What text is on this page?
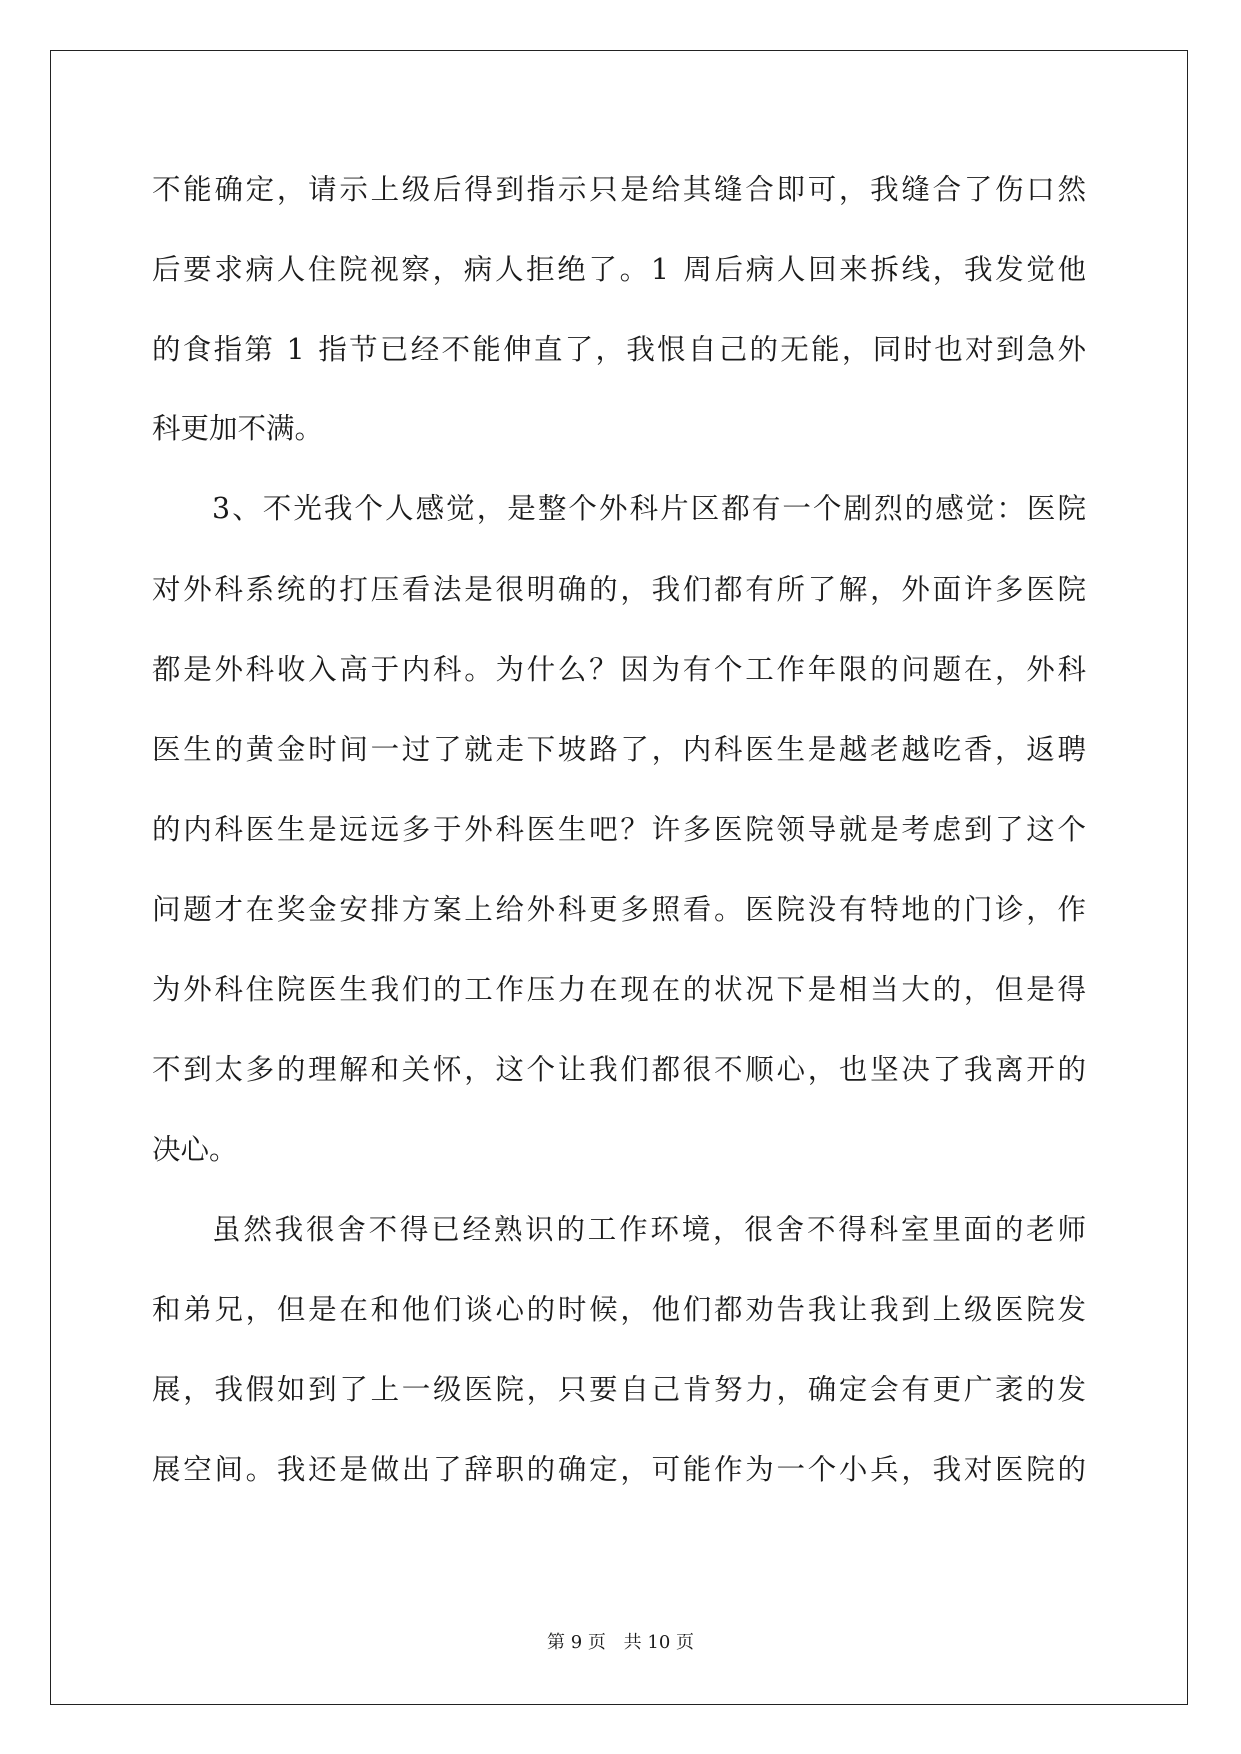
不能确定，请示上级后得到指示只是给其缝合即可，我缝合了伤口然
后要求病人住院视察，病人拒绝了。1 周后病人回来拆线，我发觉他
的食指第 1 指节已经不能伸直了，我恨自己的无能，同时也对到急外
科更加不满。
3、不光我个人感觉，是整个外科片区都有一个剧烈的感觉：医院
对外科系统的打压看法是很明确的，我们都有所了解，外面许多医院
都是外科收入高于内科。为什么？因为有个工作年限的问题在，外科
医生的黄金时间一过了就走下坡路了，内科医生是越老越吃香，返聘
的内科医生是远远多于外科医生吧？许多医院领导就是考虑到了这个
问题才在奖金安排方案上给外科更多照看。医院没有特地的门诊，作
为外科住院医生我们的工作压力在现在的状况下是相当大的，但是得
不到太多的理解和关怀，这个让我们都很不顺心，也坚决了我离开的
决心。
虽然我很舍不得已经熟识的工作环境，很舍不得科室里面的老师
和弟兄，但是在和他们谈心的时候，他们都劝告我让我到上级医院发
展，我假如到了上一级医院，只要自己肯努力，确定会有更广袤的发
展空间。我还是做出了辞职的确定，可能作为一个小兵，我对医院的
第 9 页 共 10 页
